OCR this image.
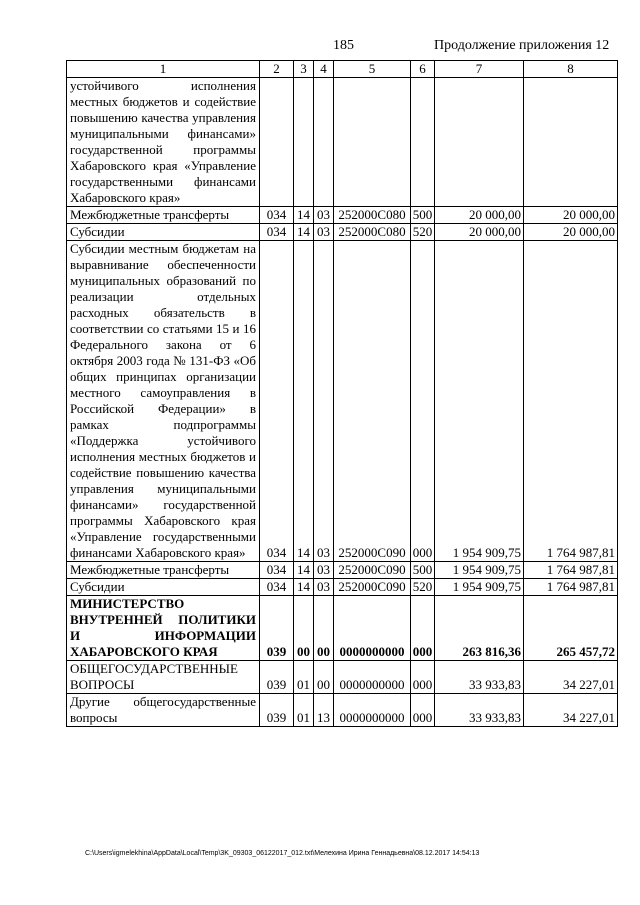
185	Продолжение приложения 12
1	2	3	4	5	6	7	8
устойчивого исполнения местных бюджетов и содействие повышению качества управления муниципальными финансами» государственной программы Хабаровского края «Управление государственными финансами Хабаровского края»							
Межбюджетные трансферты	034	14	03	252000С080	500	20 000,00	20 000,00
Субсидии	034	14	03	252000С080	520	20 000,00	20 000,00
Субсидии местным бюджетам на выравнивание обеспеченности муниципальных образований по реализации отдельных расходных обязательств в соответствии со статьями 15 и 16 Федерального закона от 6 октября 2003 года № 131-ФЗ «Об общих принципах организации местного самоуправления в Российской Федерации» в рамках подпрограммы «Поддержка устойчивого исполнения местных бюджетов и содействие повышению качества управления муниципальными финансами» государственной программы Хабаровского края «Управление государственными финансами Хабаровского края»	034	14	03	252000С090	000	1 954 909,75	1 764 987,81
Межбюджетные трансферты	034	14	03	252000С090	500	1 954 909,75	1 764 987,81
Субсидии	034	14	03	252000С090	520	1 954 909,75	1 764 987,81
МИНИСТЕРСТВО ВНУТРЕННЕЙ ПОЛИТИКИ И ИНФОРМАЦИИ ХАБАРОВСКОГО КРАЯ	039	00	00	0000000000	000	263 816,36	265 457,72
ОБЩЕГОСУДАРСТВЕННЫЕ ВОПРОСЫ	039	01	00	0000000000	000	33 933,83	34 227,01
Другие общегосударственные вопросы	039	01	13	0000000000	000	33 933,83	34 227,01
C:\Users\igmelekhina\AppData\Local\Temp\3K_09303_06122017_012.txt\Мелехина Ирина Геннадьевна\08.12.2017 14:54:13
